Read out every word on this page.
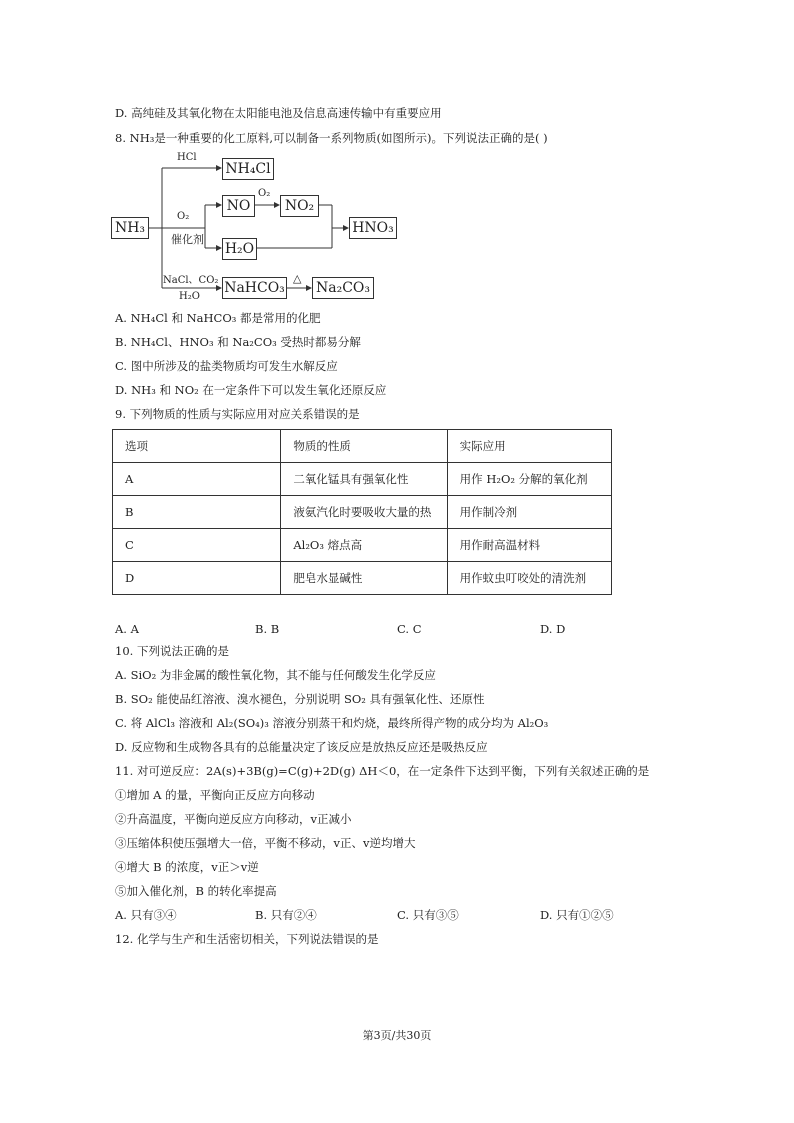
D. 高纯硅及其氧化物在太阳能电池及信息高速传输中有重要应用
8. NH₃是一种重要的化工原料,可以制备一系列物质(如图所示)。下列说法正确的是( )
NH₃
HCl
NH₄Cl
NO
O₂
NO₂
HNO₃
O₂
催化剂
H₂O
NaCl、CO₂
H₂O
NaHCO₃
△
Na₂CO₃
A. NH₄Cl 和 NaHCO₃ 都是常用的化肥
B. NH₄Cl、HNO₃ 和 Na₂CO₃ 受热时都易分解
C. 图中所涉及的盐类物质均可发生水解反应
D. NH₃ 和 NO₂ 在一定条件下可以发生氧化还原反应
9. 下列物质的性质与实际应用对应关系错误的是
选项	物质的性质	实际应用
A	二氧化锰具有强氧化性	用作 H₂O₂ 分解的氧化剂
B	液氨汽化时要吸收大量的热	用作制冷剂
C	Al₂O₃ 熔点高	用作耐高温材料
D	肥皂水显碱性	用作蚊虫叮咬处的清洗剂
A. A	B. B	C. C	D. D
10. 下列说法正确的是
A. SiO₂ 为非金属的酸性氧化物，其不能与任何酸发生化学反应
B. SO₂ 能使品红溶液、溴水褪色，分别说明 SO₂ 具有强氧化性、还原性
C. 将 AlCl₃ 溶液和 Al₂(SO₄)₃ 溶液分别蒸干和灼烧，最终所得产物的成分均为 Al₂O₃
D. 反应物和生成物各具有的总能量决定了该反应是放热反应还是吸热反应
11. 对可逆反应：2A(s)+3B(g)=C(g)+2D(g) ΔH＜0，在一定条件下达到平衡，下列有关叙述正确的是
①增加 A 的量，平衡向正反应方向移动
②升高温度，平衡向逆反应方向移动，v正减小
③压缩体积使压强增大一倍，平衡不移动，v正、v逆均增大
④增大 B 的浓度，v正＞v逆
⑤加入催化剂，B 的转化率提高
A. 只有③④	B. 只有②④	C. 只有③⑤	D. 只有①②⑤
12. 化学与生产和生活密切相关，下列说法错误的是
第3页/共30页
